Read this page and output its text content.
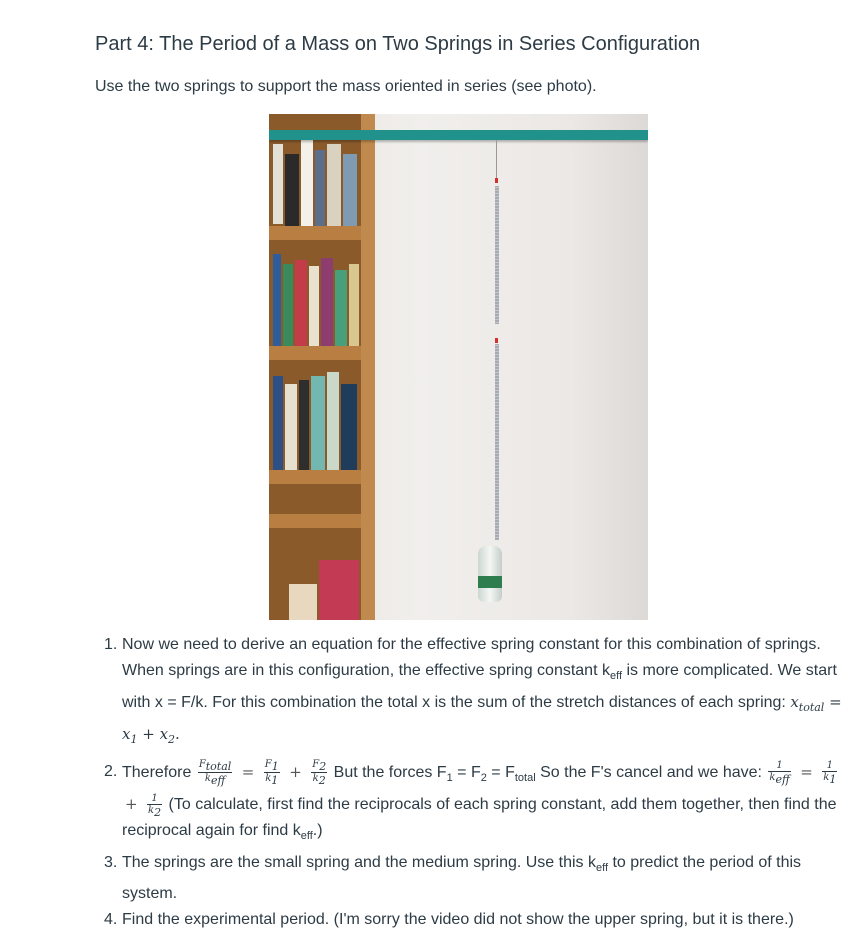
Part 4: The Period of a Mass on Two Springs in Series Configuration
Use the two springs to support the mass oriented in series (see photo).
1. Now we need to derive an equation for the effective spring constant for this combination of springs. When springs are in this configuration, the effective spring constant $k_{eff}$ is more complicated. We start with x = F/k. For this combination the total x is the sum of the stretch distances of each spring: $x_{total} = x_1 + x_2$.
2. Therefore $\frac{F_{total}}{k_{eff}} = \frac{F_1}{k_1} + \frac{F_2}{k_2}$ But the forces $F_1 = F_2 = F_{total}$ So the F's cancel and we have: $\frac{1}{k_{eff}} = \frac{1}{k_1}$
+ $\frac{1}{k_2} (To$ calculate, first find the reciprocals of each spring constant, add them together, then find the reciprocal again for find $k_{eff}$.)
3. The springs are the small spring and the medium spring. Use this $k_{eff}$ to predict the period of this system.
4. Find the experimental period. (I'm sorry the video did not show the upper spring, but it is there.)
